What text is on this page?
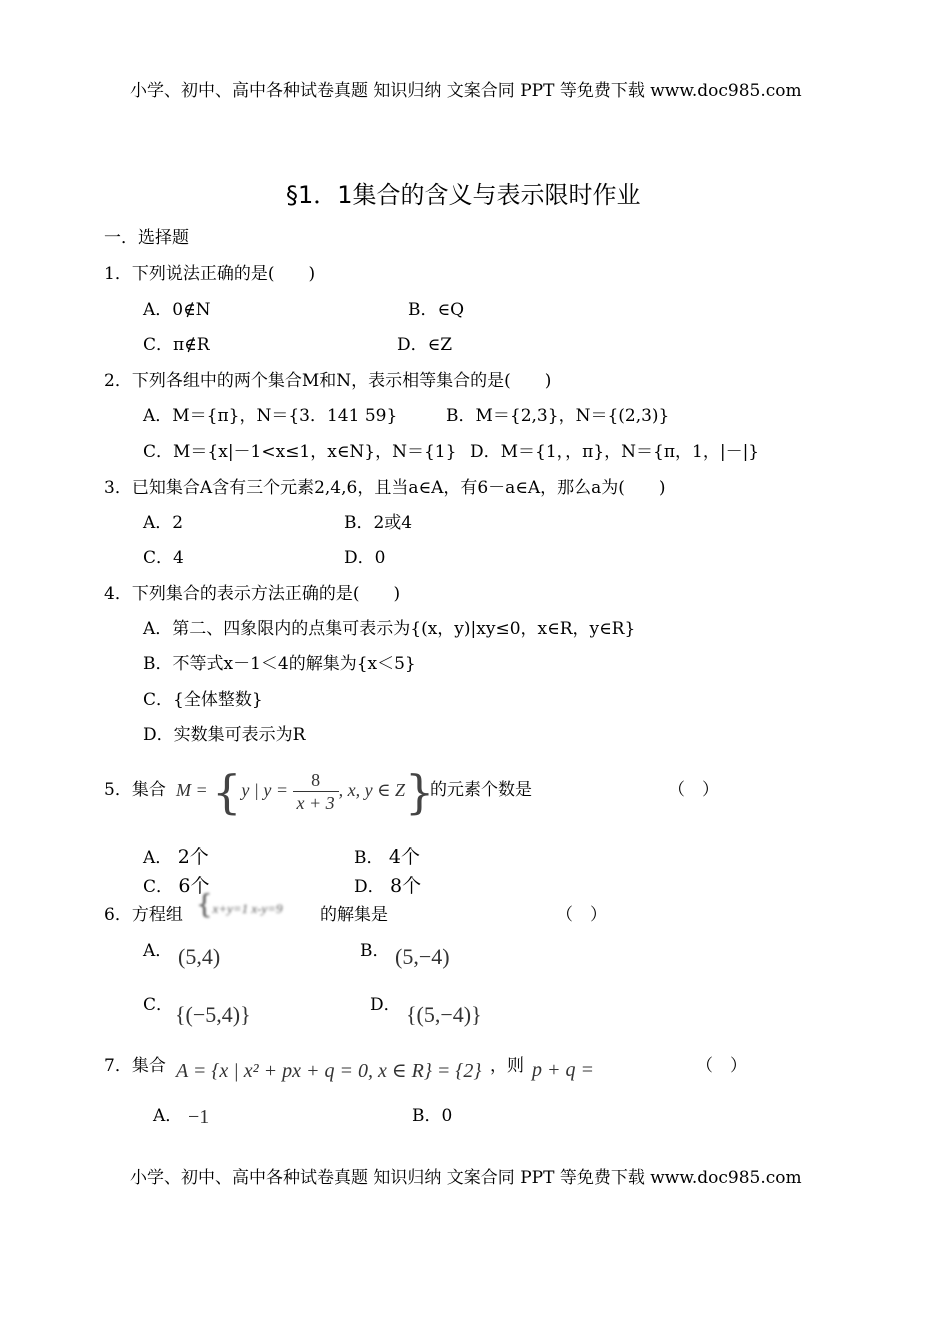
小学、初中、高中各种试卷真题 知识归纳 文案合同 PPT 等免费下载 www.doc985.com
§1．1集合的含义与表示限时作业
一．选择题
1．下列说法正确的是(　　)
A．0∉N	B．∈Q
C．π∉R	D．∈Z
2．下列各组中的两个集合M和N，表示相等集合的是(　　)
A．M＝{π}，N＝{3．141 59}	B．M＝{2,3}，N＝{(2,3)}
C．M＝{x|－1<x≤1，x∈N}，N＝{1} D．M＝{1，，π}，N＝{π，1，|－|}
3．已知集合A含有三个元素2,4,6，且当a∈A，有6－a∈A，那么a为(　　)
A．2	B．2或4
C．4	D．0
4．下列集合的表示方法正确的是(　　)
A．第二、四象限内的点集可表示为{(x，y)|xy≤0，x∈R，y∈R}
B．不等式x－1＜4的解集为{x＜5}
C．{全体整数}
D．实数集可表示为R
5．集合 M = {y | $y = \frac{8}{x + 3}$ , x, y ∈ Z}
的元素个数是	（　）
A． 2个	B． 4个
C． 6个	D． 8个
6．方程组 {x+y=1 x-y=9 的解集是	（　）
A． (5,4)	B． (5,−4)
C． {(−5,4)}	D． {(5,−4)}
7．集合 A = {x | x² + px + q = 0, x ∈ R} = {2} ，则 p + q =	（　）
A． −1	B．0
小学、初中、高中各种试卷真题 知识归纳 文案合同 PPT 等免费下载 www.doc985.com
